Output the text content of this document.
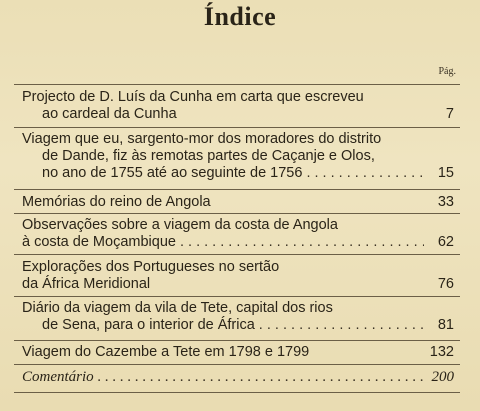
Índice
Pág.
Projecto de D. Luís da Cunha em carta que escreveu
ao cardeal da Cunha	7
Viagem que eu, sargento-mor dos moradores do distrito
de Dande, fiz às remotas partes de Caçanje e Olos,
no ano de 1755 até ao seguinte de 1756 . . .	15
Memórias do reino de Angola	33
Observações sobre a viagem da costa de Angola
à costa de Moçambique . . .	62
Explorações dos Portugueses no sertão
da África Meridional	76
Diário da viagem da vila de Tete, capital dos rios
de Sena, para o interior de África . . .	81
Viagem do Cazembe a Tete em 1798 e 1799	132
Comentário . . .	200
